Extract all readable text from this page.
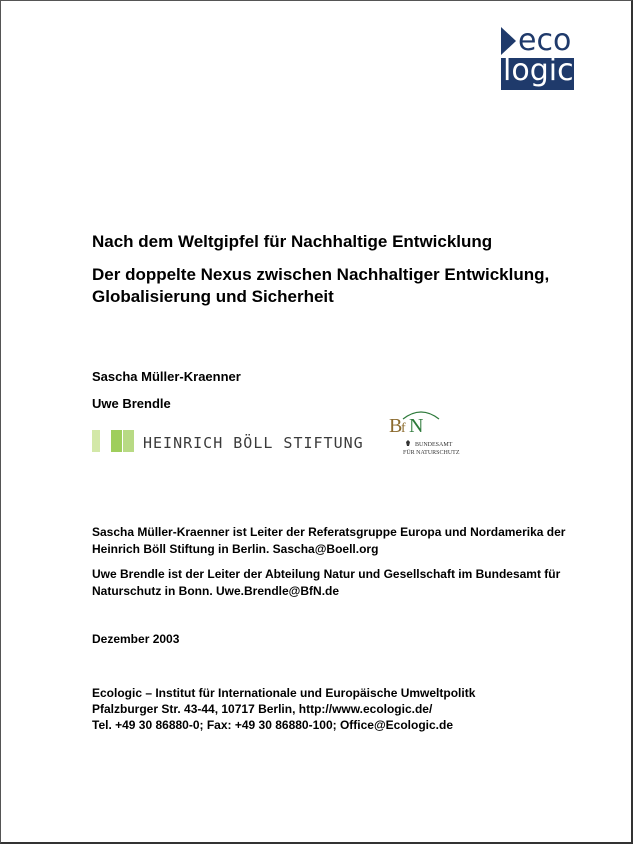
eco
logic
Nach dem Weltgipfel für Nachhaltige Entwicklung
Der doppelte Nexus zwischen Nachhaltiger Entwicklung, Globalisierung und Sicherheit
Sascha Müller-Kraenner
Uwe Brendle
HEINRICH BÖLL STIFTUNG
B
f N
BUNDESAMT
FÜR NATURSCHUTZ

Sascha Müller-Kraenner ist Leiter der Referatsgruppe Europa und Nordamerika der Heinrich Böll Stiftung in Berlin. Sascha@Boell.org

Uwe Brendle ist der Leiter der Abteilung Natur und Gesellschaft im Bundesamt für Naturschutz in Bonn. Uwe.Brendle@BfN.de

Dezember 2003
Ecologic – Institut für Internationale und Europäische Umweltpolitk
Pfalzburger Str. 43-44, 10717 Berlin, http://www.ecologic.de/
Tel. +49 30 86880-0; Fax: +49 30 86880-100; Office@Ecologic.de
